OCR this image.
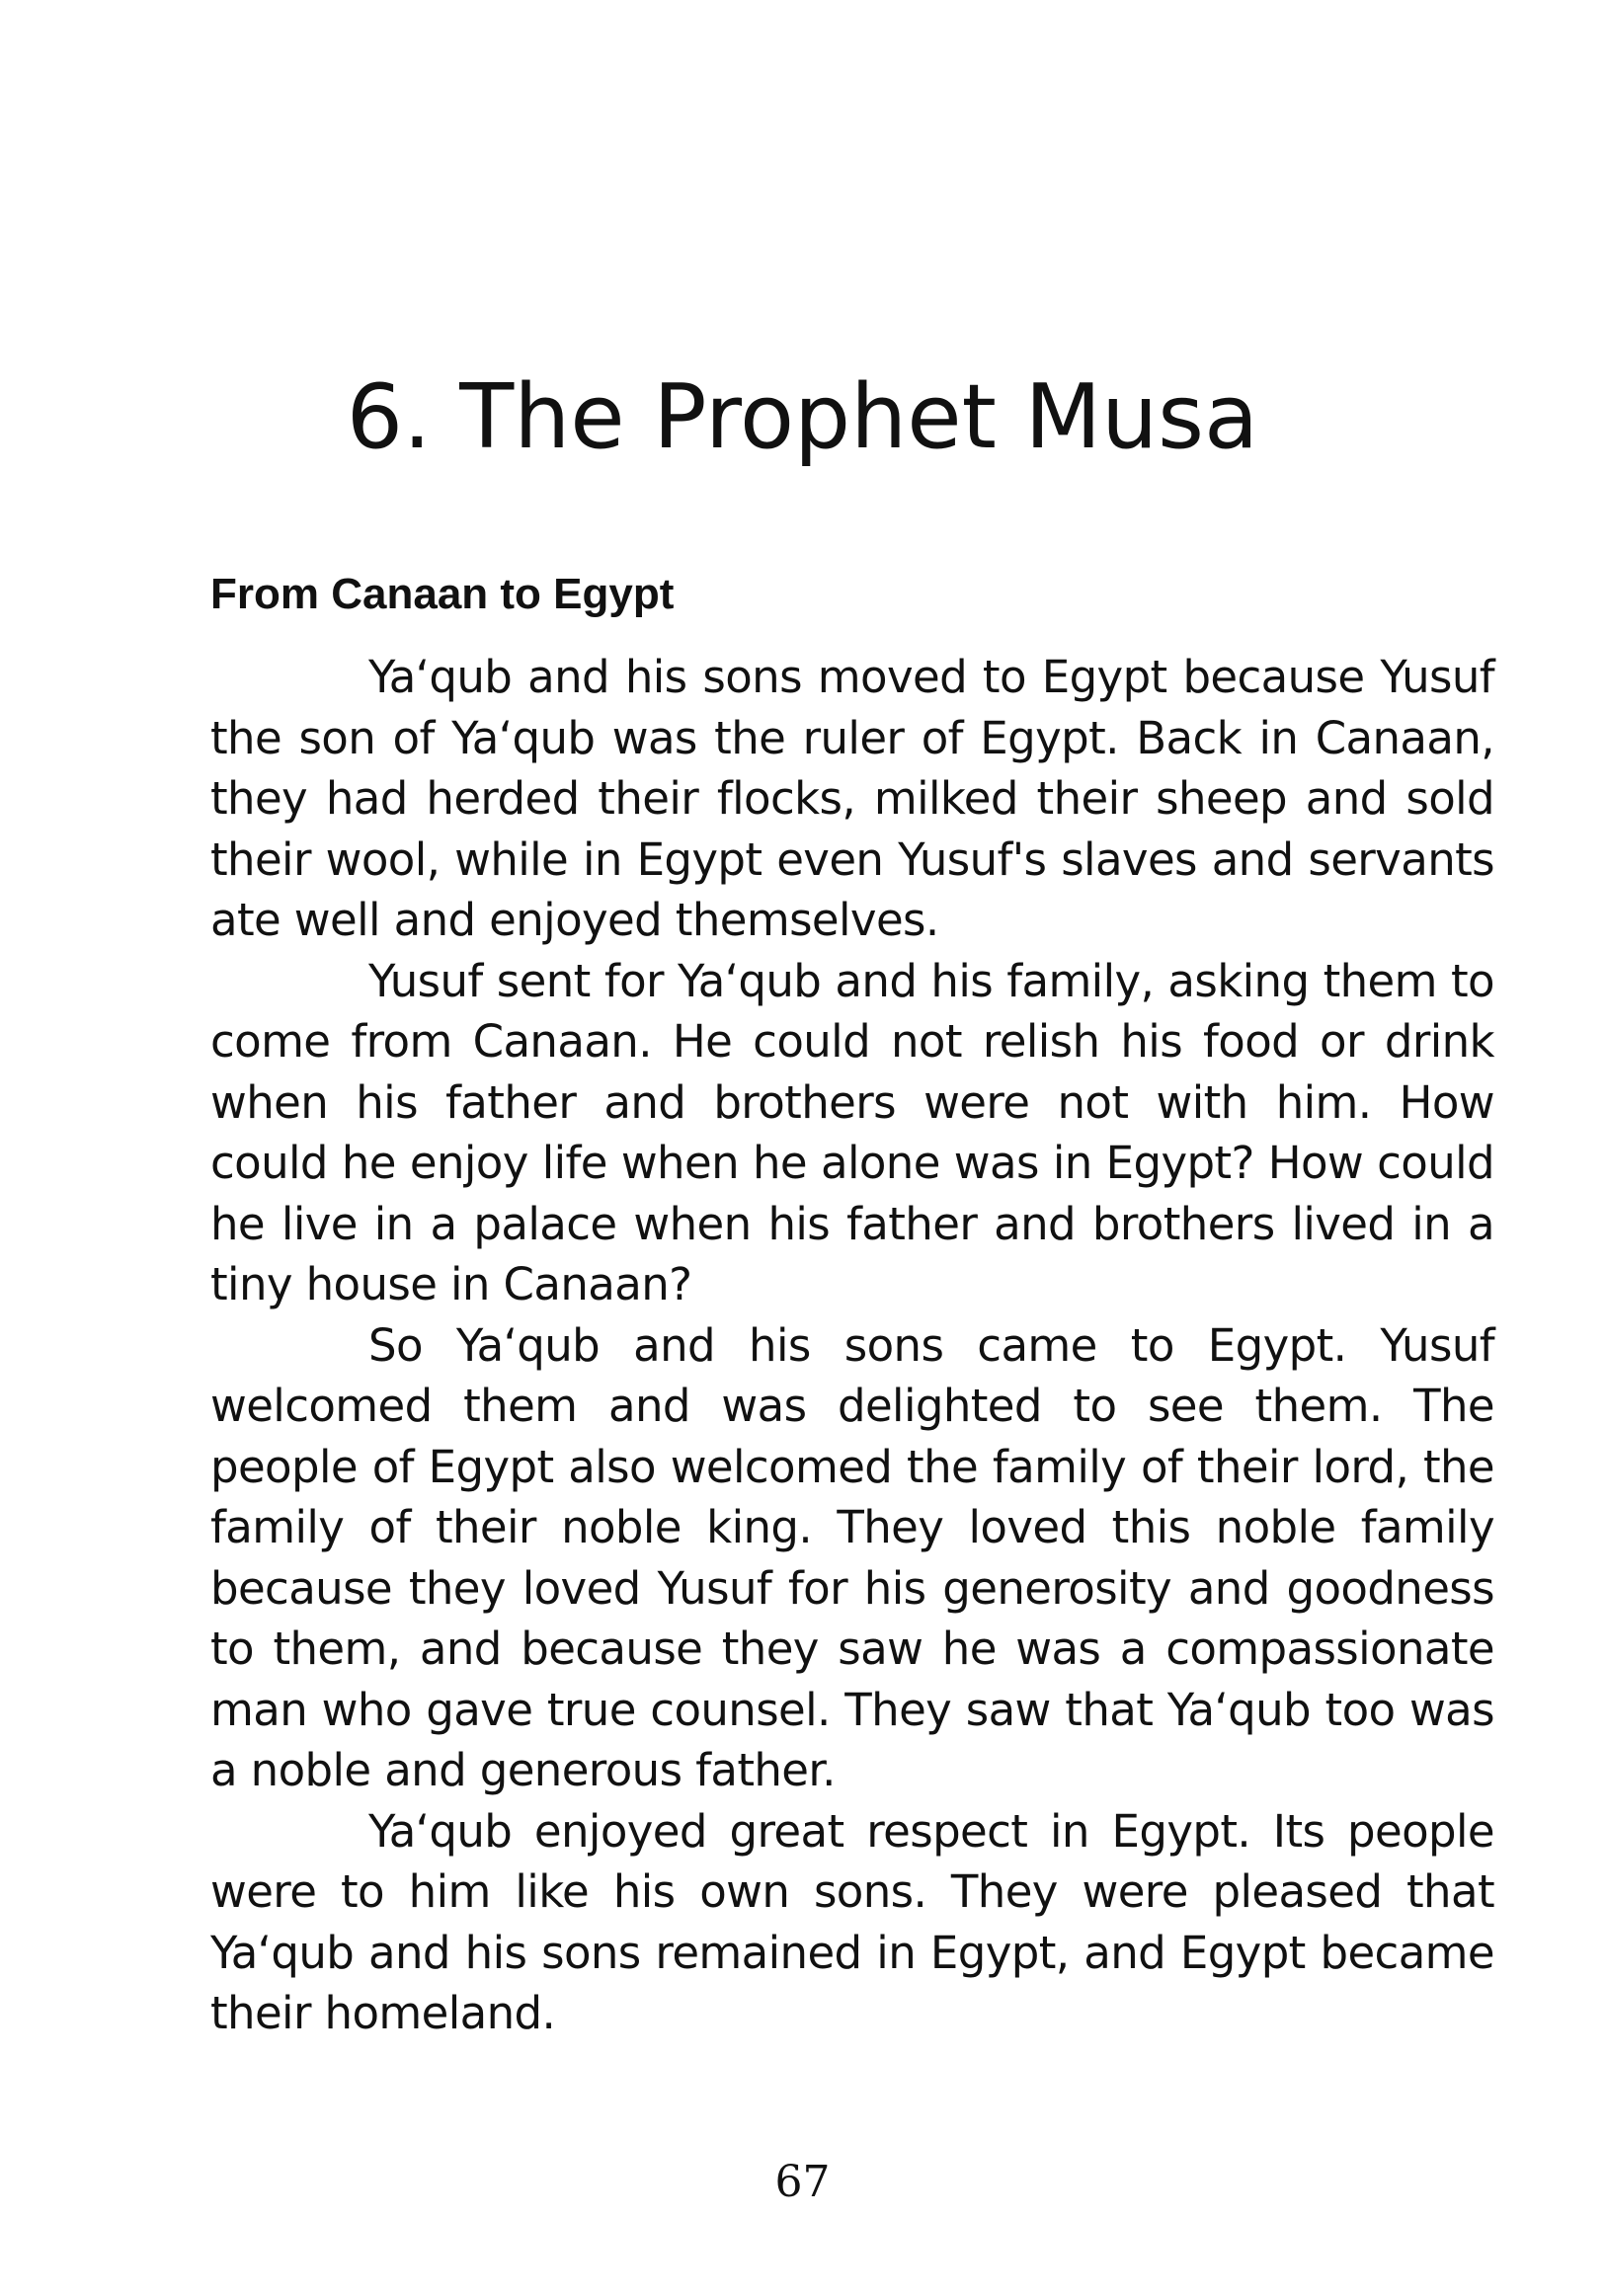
6. The Prophet Musa
From Canaan to Egypt

Ya‘qub and his sons moved to Egypt because Yusuf the son of Ya‘qub was the ruler of Egypt. Back in Canaan, they had herded their flocks, milked their sheep and sold their wool, while in Egypt even Yusuf's slaves and servants ate well and enjoyed themselves.

Yusuf sent for Ya‘qub and his family, asking them to come from Canaan. He could not relish his food or drink when his father and brothers were not with him. How could he enjoy life when he alone was in Egypt? How could he live in a palace when his father and brothers lived in a tiny house in Canaan?

So Ya‘qub and his sons came to Egypt. Yusuf welcomed them and was delighted to see them. The people of Egypt also welcomed the family of their lord, the family of their noble king. They loved this noble family because they loved Yusuf for his generosity and goodness to them, and because they saw he was a compassionate man who gave true counsel. They saw that Ya‘qub too was a noble and generous father.

Ya‘qub enjoyed great respect in Egypt. Its people were to him like his own sons. They were pleased that Ya‘qub and his sons remained in Egypt, and Egypt became their homeland.

67
